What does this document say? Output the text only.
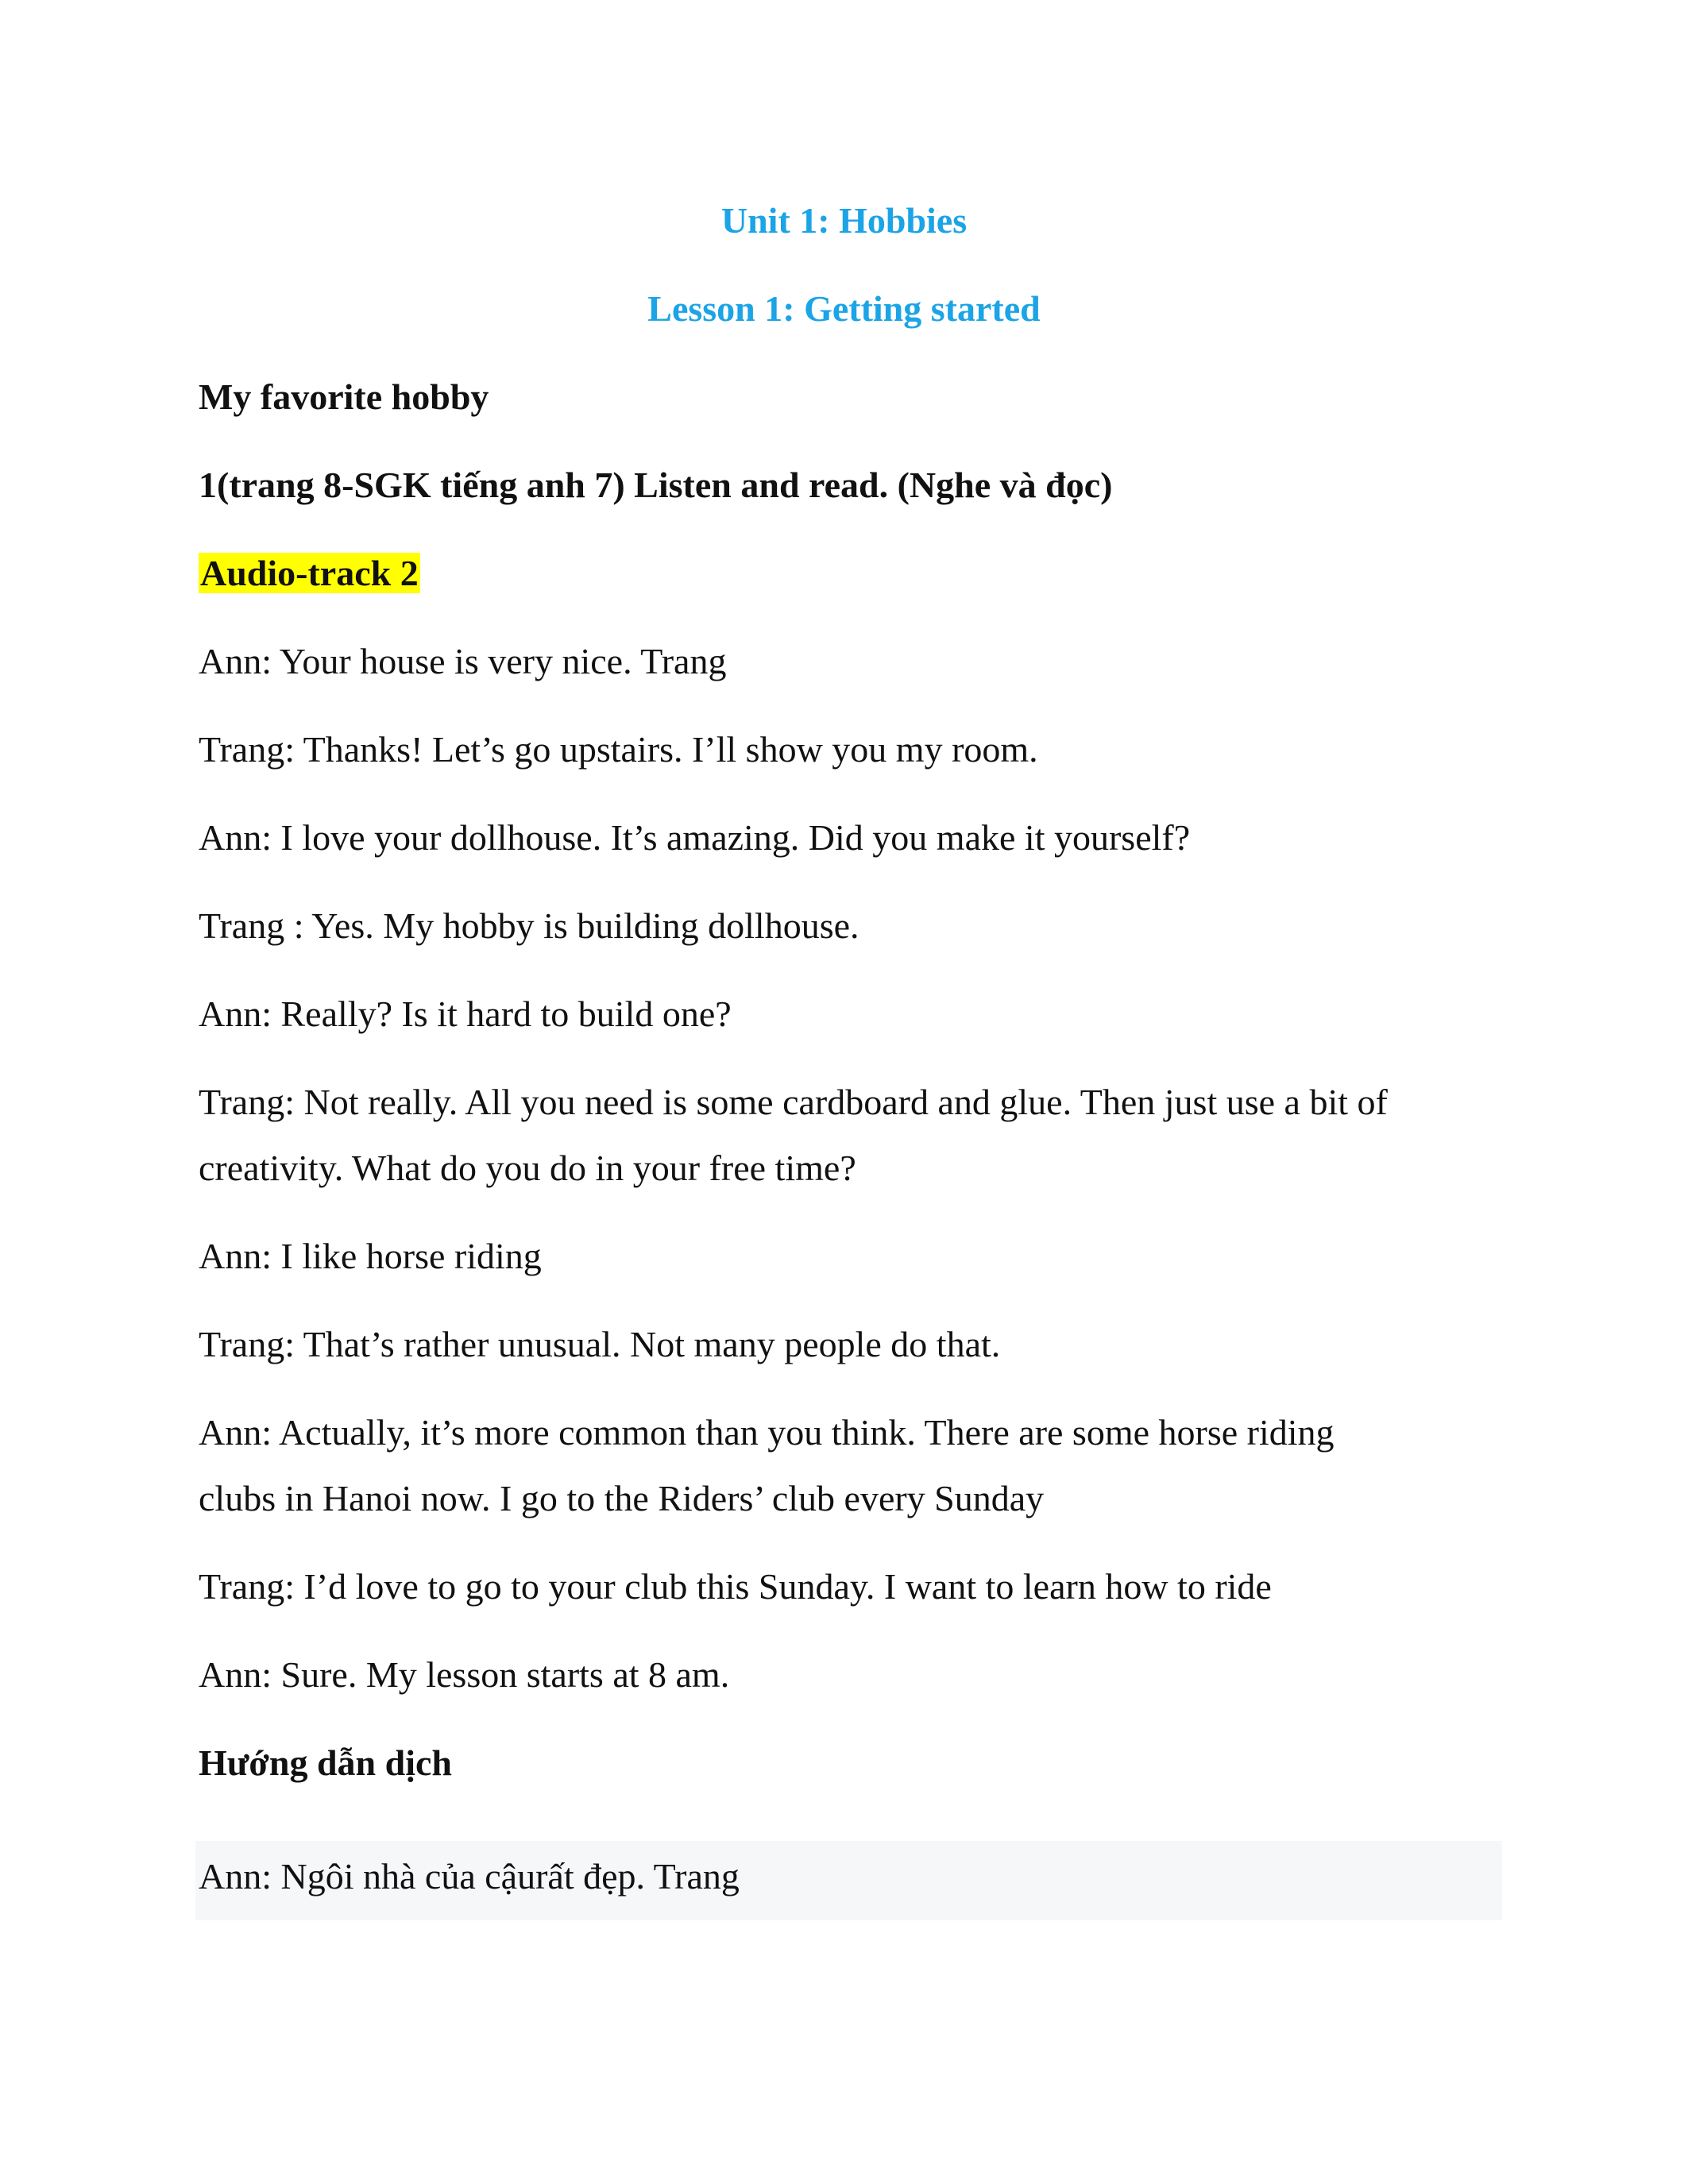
Unit 1: Hobbies
Lesson 1: Getting started
My favorite hobby
1(trang 8-SGK tiếng anh 7) Listen and read. (Nghe và đọc)
Audio-track 2
Ann: Your house is very nice. Trang
Trang: Thanks! Let’s go upstairs. I’ll show you my room.
Ann: I love your dollhouse. It’s amazing. Did you make it yourself?
Trang : Yes. My hobby is building dollhouse.
Ann: Really? Is it hard to build one?
Trang: Not really. All you need is some cardboard and glue. Then just use a bit of
creativity. What do you do in your free time?
Ann: I like horse riding
Trang: That’s rather unusual. Not many people do that.
Ann: Actually, it’s more common than you think. There are some horse riding
clubs in Hanoi now. I go to the Riders’ club every Sunday
Trang: I’d love to go to your club this Sunday. I want to learn how to ride
Ann: Sure. My lesson starts at 8 am.
Hướng dẫn dịch
Ann: Ngôi nhà của cậurất đẹp. Trang
